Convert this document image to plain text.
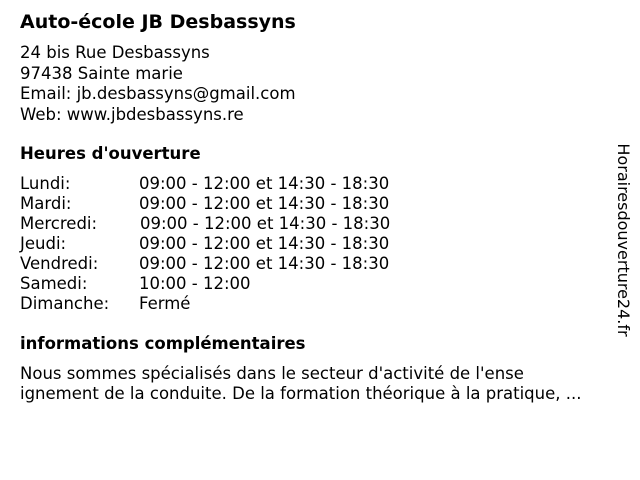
Auto-école JB Desbassyns
24 bis Rue Desbassyns
97438 Sainte marie
Email: jb.desbassyns@gmail.com
Web: www.jbdesbassyns.re
Heures d'ouverture
Lundi:	09:00 - 12:00 et 14:30 - 18:30
Mardi:	09:00 - 12:00 et 14:30 - 18:30
Mercredi:	09:00 - 12:00 et 14:30 - 18:30
Jeudi:	09:00 - 12:00 et 14:30 - 18:30
Vendredi: 09:00 - 12:00 et 14:30 - 18:30
Samedi:	10:00 - 12:00
Dimanche: Fermé
informations complémentaires
Nous sommes spécialisés dans le secteur d'activité de l'ense
ignement de la conduite. De la formation théorique à la pratique, ...
Horairesdouverture24.fr
